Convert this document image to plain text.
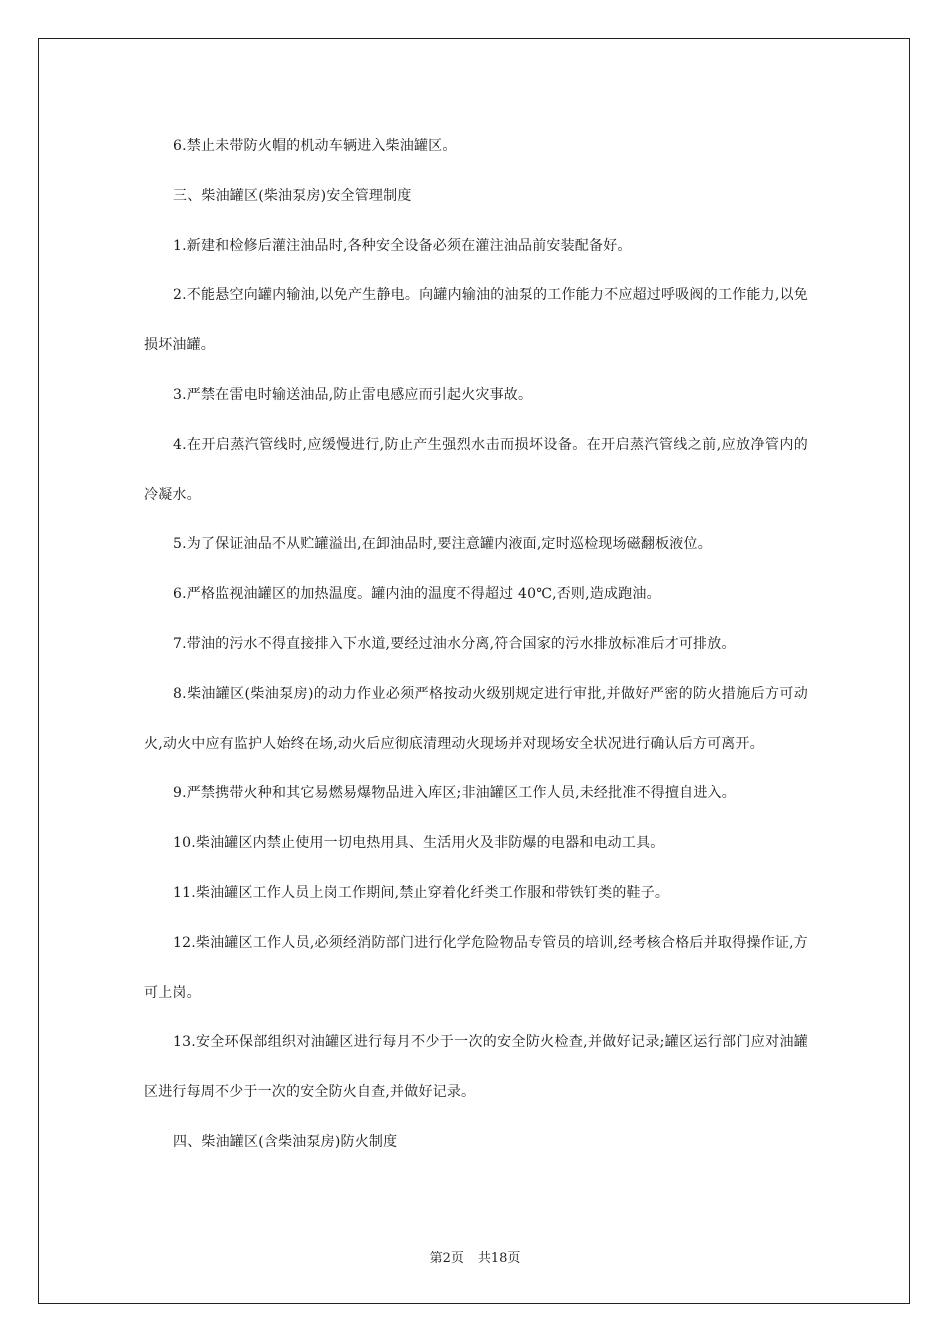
6.禁止未带防火帽的机动车辆进入柴油罐区。

三、柴油罐区(柴油泵房)安全管理制度

1.新建和检修后灌注油品时,各种安全设备必须在灌注油品前安装配备好。

2.不能悬空向罐内输油,以免产生静电。向罐内输油的油泵的工作能力不应超过呼吸阀的工作能力,以免损坏油罐。

3.严禁在雷电时输送油品,防止雷电感应而引起火灾事故。

4.在开启蒸汽管线时,应缓慢进行,防止产生强烈水击而损坏设备。在开启蒸汽管线之前,应放净管内的冷凝水。

5.为了保证油品不从贮罐溢出,在卸油品时,要注意罐内液面,定时巡检现场磁翻板液位。

6.严格监视油罐区的加热温度。罐内油的温度不得超过 40℃,否则,造成跑油。

7.带油的污水不得直接排入下水道,要经过油水分离,符合国家的污水排放标准后才可排放。

8.柴油罐区(柴油泵房)的动力作业必须严格按动火级别规定进行审批,并做好严密的防火措施后方可动火,动火中应有监护人始终在场,动火后应彻底清理动火现场并对现场安全状况进行确认后方可离开。

9.严禁携带火种和其它易燃易爆物品进入库区;非油罐区工作人员,未经批准不得擅自进入。

10.柴油罐区内禁止使用一切电热用具、生活用火及非防爆的电器和电动工具。

11.柴油罐区工作人员上岗工作期间,禁止穿着化纤类工作服和带铁钉类的鞋子。

12.柴油罐区工作人员,必须经消防部门进行化学危险物品专管员的培训,经考核合格后并取得操作证,方可上岗。

13.安全环保部组织对油罐区进行每月不少于一次的安全防火检查,并做好记录;罐区运行部门应对油罐区进行每周不少于一次的安全防火自查,并做好记录。

四、柴油罐区(含柴油泵房)防火制度

第2页 共18页
